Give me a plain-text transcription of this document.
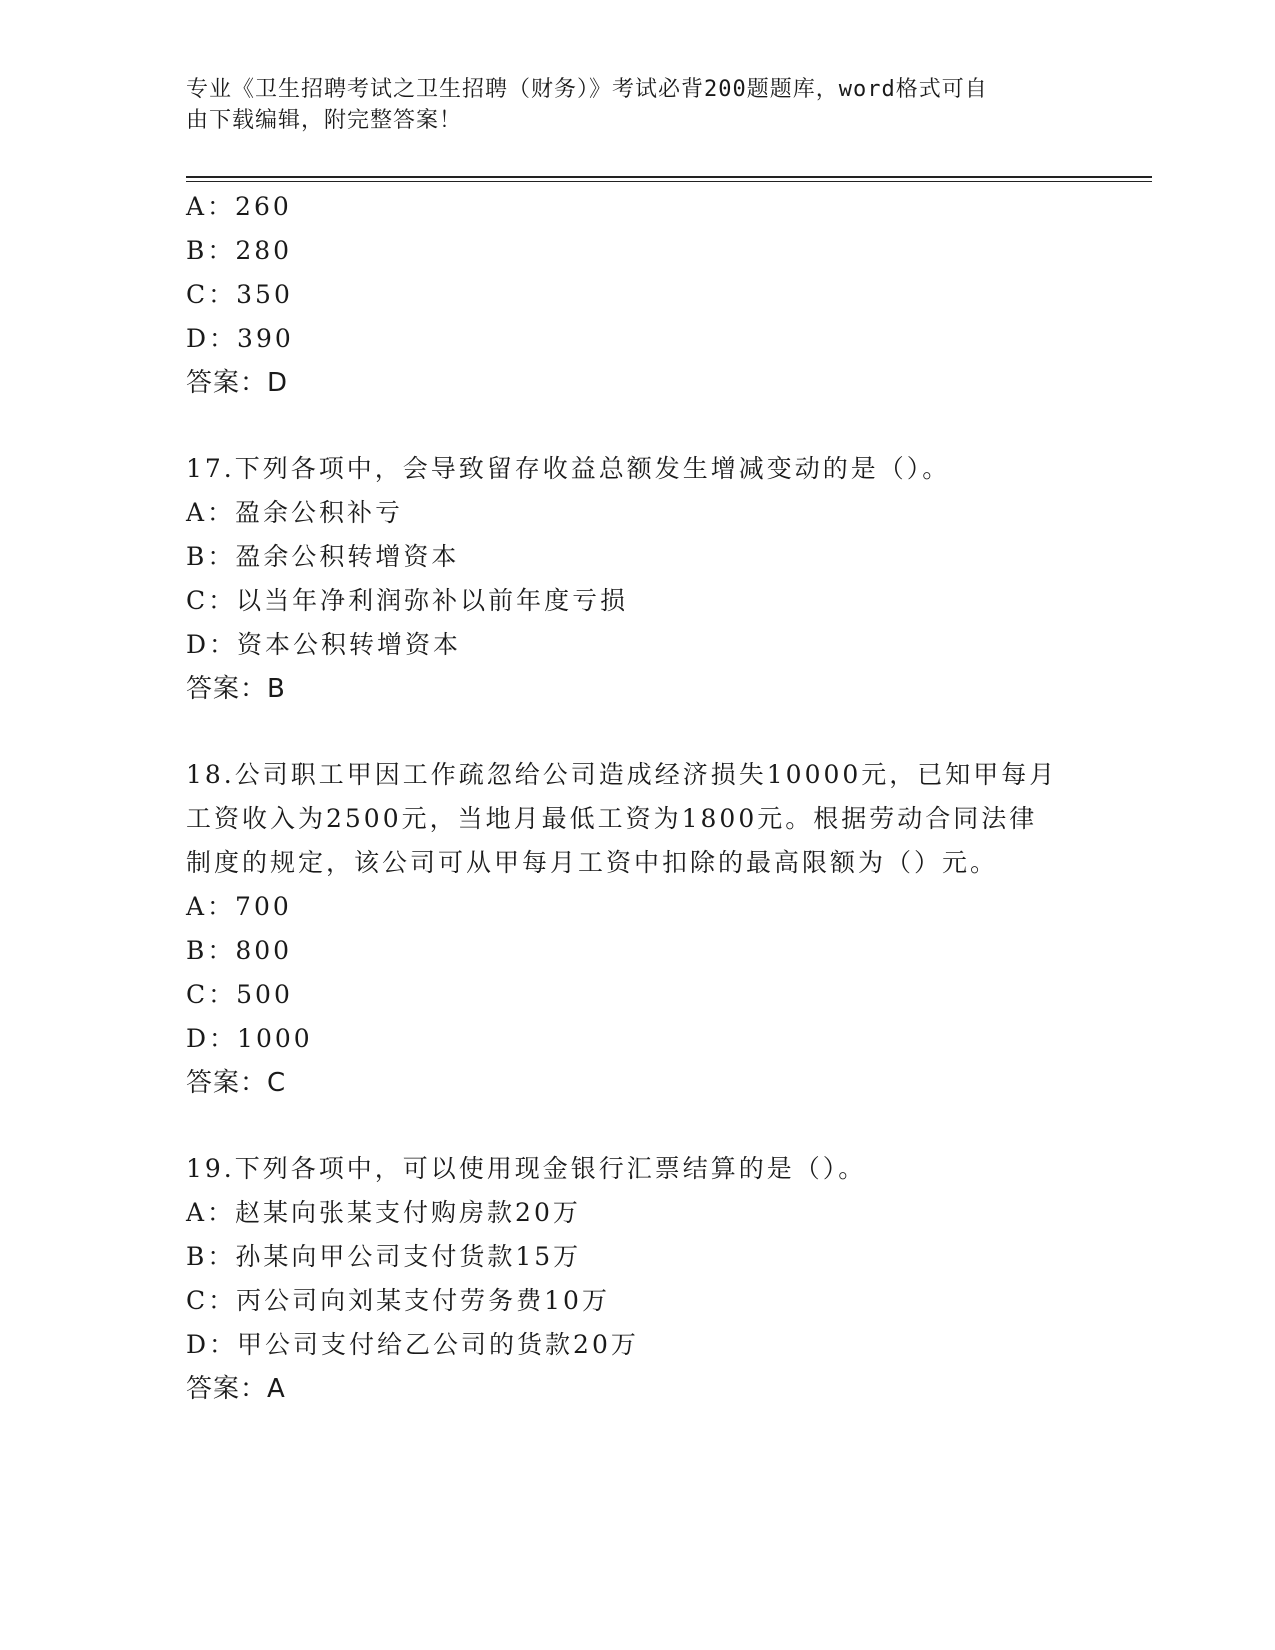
专业《卫生招聘考试之卫生招聘（财务）》考试必背200题题库，word格式可自
由下载编辑，附完整答案！
A：260
B：280
C：350
D：390
答案：D
17.下列各项中，会导致留存收益总额发生增减变动的是（）。
A：盈余公积补亏
B：盈余公积转增资本
C：以当年净利润弥补以前年度亏损
D：资本公积转增资本
答案：B
18.公司职工甲因工作疏忽给公司造成经济损失10000元，已知甲每月
工资收入为2500元，当地月最低工资为1800元。根据劳动合同法律
制度的规定，该公司可从甲每月工资中扣除的最高限额为（）元。
A：700
B：800
C：500
D：1000
答案：C
19.下列各项中，可以使用现金银行汇票结算的是（）。
A：赵某向张某支付购房款20万
B：孙某向甲公司支付货款15万
C：丙公司向刘某支付劳务费10万
D：甲公司支付给乙公司的货款20万
答案：A
